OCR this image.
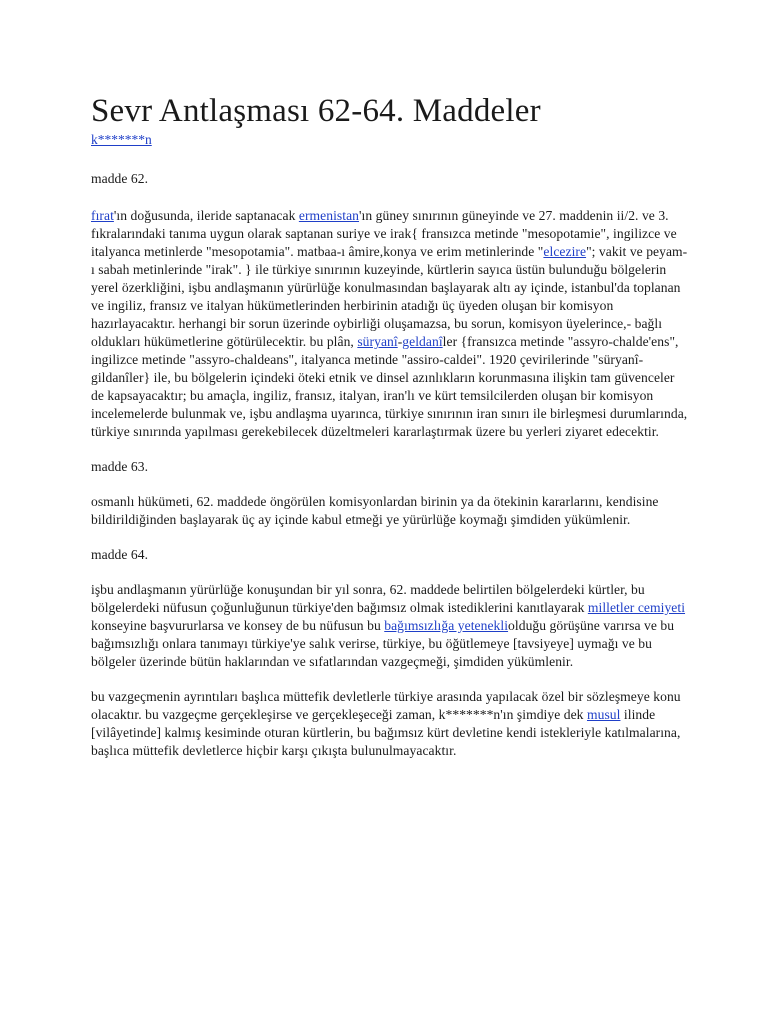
Sevr Antlaşması 62-64. Maddeler
k*******n

madde 62.

fırat'ın doğusunda, ileride saptanacak ermenistan'ın güney sınırının güneyinde ve 27. maddenin ii/2. ve 3. fıkralarındaki tanıma uygun olarak saptanan suriye ve irak{ fransızca metinde "mesopotamie", ingilizce ve italyanca metinlerde "mesopotamia". matbaa-ı âmire,konya ve erim metinlerinde "elcezire"; vakit ve peyam-ı sabah metinlerinde "irak". } ile türkiye sınırının kuzeyinde, kürtlerin sayıca üstün bulunduğu bölgelerin yerel özerkliğini, işbu andlaşmanın yürürlüğe konulmasından başlayarak altı ay içinde, istanbul'da toplanan ve ingiliz, fransız ve italyan hükümetlerinden herbirinin atadığı üç üyeden oluşan bir komisyon hazırlayacaktır. herhangi bir sorun üzerinde oybirliği oluşamazsa, bu sorun, komisyon üyelerince,- bağlı oldukları hükümetlerine götürülecektir. bu plân, süryanî-geldanîler {fransızca metinde "assyro-chalde'ens", ingilizce metinde "assyro-chaldeans", italyanca metinde "assiro-caldei". 1920 çevirilerinde "süryanî-gildanîler} ile, bu bölgelerin içindeki öteki etnik ve dinsel azınlıkların korunmasına ilişkin tam güvenceler de kapsayacaktır; bu amaçla, ingiliz, fransız, italyan, iran'lı ve kürt temsilcilerden oluşan bir komisyon incelemelerde bulunmak ve, işbu andlaşma uyarınca, türkiye sınırının iran sınırı ile birleşmesi durumlarında, türkiye sınırında yapılması gerekebilecek düzeltmeleri kararlaştırmak üzere bu yerleri ziyaret edecektir.

madde 63.

osmanlı hükümeti, 62. maddede öngörülen komisyonlardan birinin ya da ötekinin kararlarını, kendisine bildirildiğinden başlayarak üç ay içinde kabul etmeği ye yürürlüğe koymağı şimdiden yükümlenir.

madde 64.

işbu andlaşmanın yürürlüğe konuşundan bir yıl sonra, 62. maddede belirtilen bölgelerdeki kürtler, bu bölgelerdeki nüfusun çoğunluğunun türkiye'den bağımsız olmak istediklerini kanıtlayarak milletler cemiyeti konseyine başvururlarsa ve konsey de bu nüfusun bu bağımsızlığa yetenekliolduğu görüşüne varırsa ve bu bağımsızlığı onlara tanımayı türkiye'ye salık verirse, türkiye, bu öğütlemeye [tavsiyeye] uymağı ve bu bölgeler üzerinde bütün haklarından ve sıfatlarından vazgeçmeği, şimdiden yükümlenir.

bu vazgeçmenin ayrıntıları başlıca müttefik devletlerle türkiye arasında yapılacak özel bir sözleşmeye konu olacaktır. bu vazgeçme gerçekleşirse ve gerçekleşeceği zaman, k*******n'ın şimdiye dek musul ilinde [vilâyetinde] kalmış kesiminde oturan kürtlerin, bu bağımsız kürt devletine kendi istekleriyle katılmalarına, başlıca müttefik devletlerce hiçbir karşı çıkışta bulunulmayacaktır.
